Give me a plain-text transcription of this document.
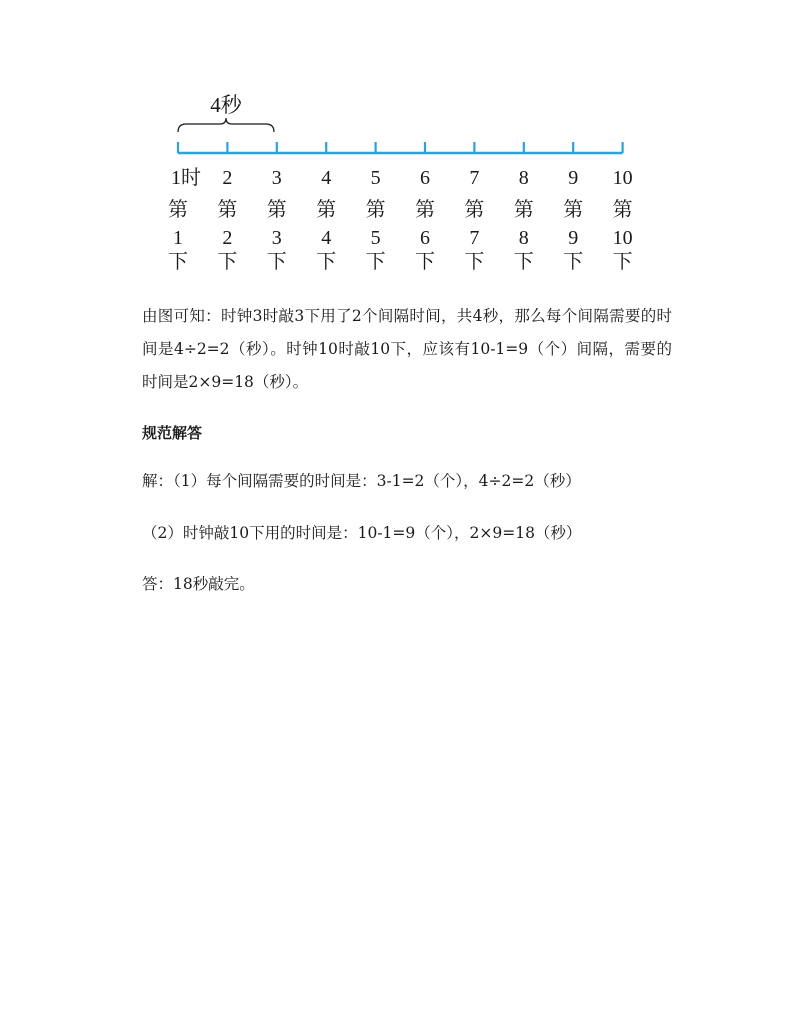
4秒
1时
第
1
下
2
第
2
下
3
第
3
下
4
第
4
下
5
第
5
下
6
第
6
下
7
第
7
下
8
第
8
下
9
第
9
下
10
第
10
下

由图可知：时钟3时敲3下用了2个间隔时间，共4秒，那么每个间隔需要的时间是4÷2=2（秒）。时钟10时敲10下，应该有10-1=9（个）间隔，需要的时间是2×9=18（秒）。

规范解答

解：（1）每个间隔需要的时间是：3-1=2（个），4÷2=2（秒）

（2）时钟敲10下用的时间是：10-1=9（个），2×9=18（秒）

答：18秒敲完。
